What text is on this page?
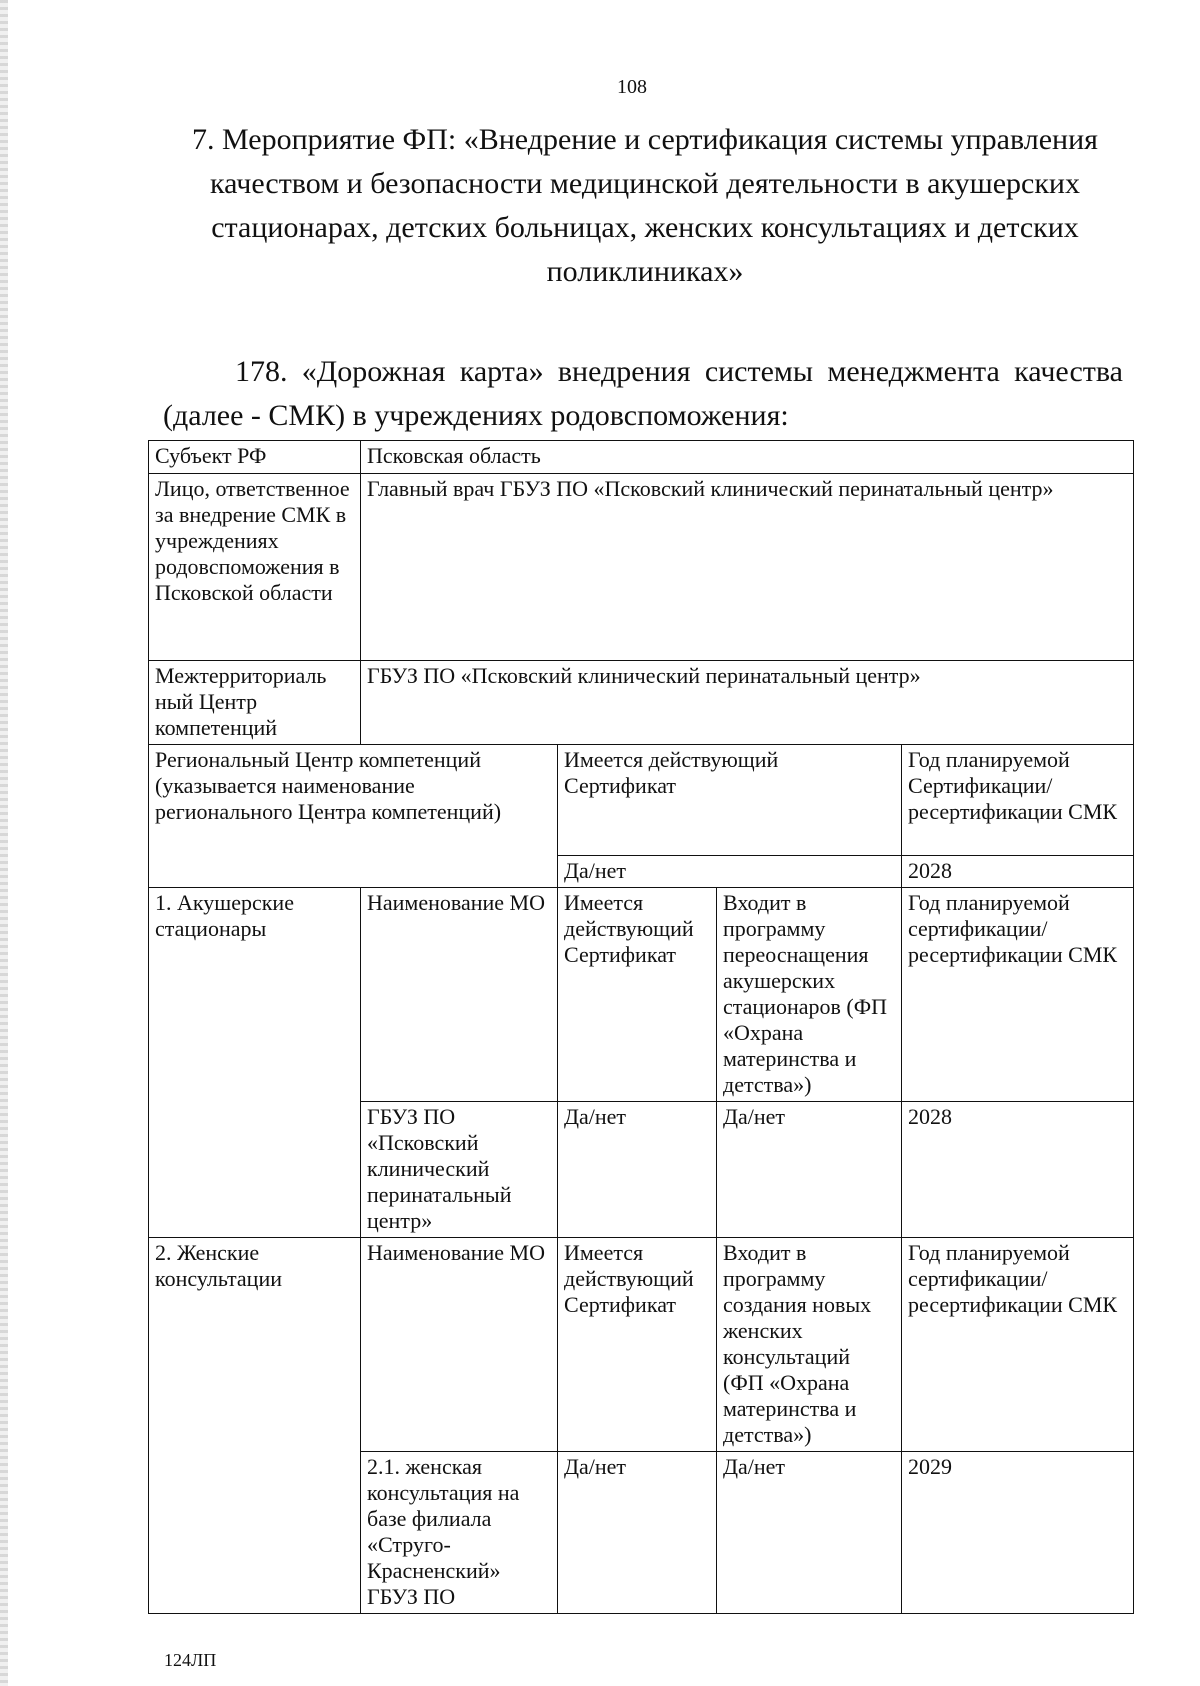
108
7. Мероприятие ФП: «Внедрение и сертификация системы управления качеством и безопасности медицинской деятельности в акушерских стационарах, детских больницах, женских консультациях и детских поликлиниках»
178. «Дорожная карта» внедрения системы менеджмента качества (далее - СМК) в учреждениях родовспоможения:
Субъект РФ	Псковская область			
Лицо, ответственное за внедрение СМК в учреждениях родовспоможения в Псковской области	Главный врач ГБУЗ ПО «Псковский клинический перинатальный центр»			
Межтерриториаль ный Центр компетенций	ГБУЗ ПО «Псковский клинический перинатальный центр»			
Региональный Центр компетенций (указывается наименование регионального Центра компетенций)		Имеется действующий Сертификат		Год планируемой Сертификации/ ресертификации СМК
		Да/нет		2028
1. Акушерские стационары	Наименование МО	Имеется действующий Сертификат	Входит в программу переоснащения акушерских стационаров (ФП «Охрана материнства и детства»)	Год планируемой сертификации/ ресертификации СМК
	ГБУЗ ПО «Псковский клинический перинатальный центр»	Да/нет	Да/нет	2028
2. Женские консультации	Наименование МО	Имеется действующий Сертификат	Входит в программу создания новых женских консультаций (ФП «Охрана материнства и детства»)	Год планируемой сертификации/ ресертификации СМК
	2.1. женская консультация на базе филиала «Струго-Красненский» ГБУЗ ПО	Да/нет	Да/нет	2029
124ЛП
